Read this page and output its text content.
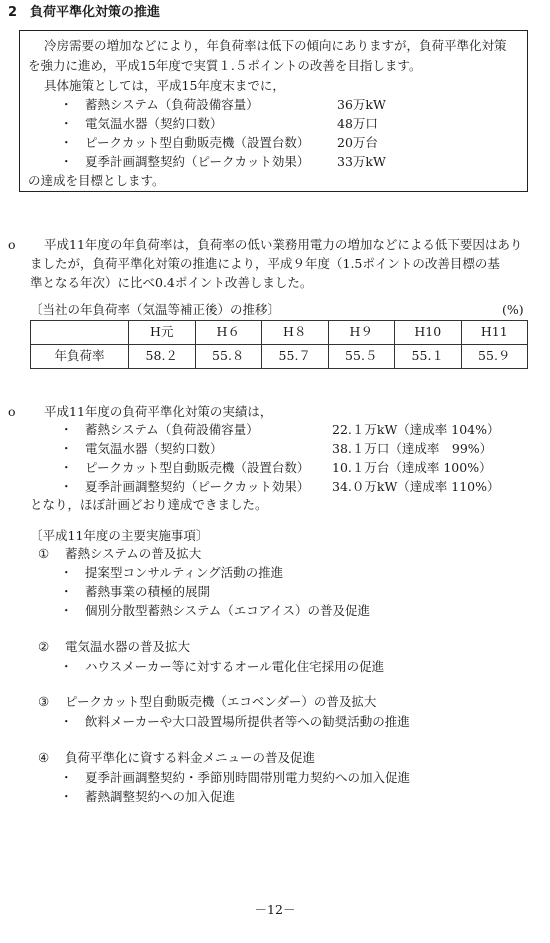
2　負荷平準化対策の推進
冷房需要の増加などにより，年負荷率は低下の傾向にありますが，負荷平準化対策
を強力に進め，平成15年度で実質１.５ポイントの改善を目指します。
具体施策としては，平成15年度末までに，
・ 蓄熱システム（負荷設備容量）	36万kW
・ 電気温水器（契約口数）	48万口
・ ピークカット型自動販売機（設置台数） 20万台
・ 夏季計画調整契約（ピークカット効果） 33万kW
の達成を目標とします。
o 平成11年度の年負荷率は，負荷率の低い業務用電力の増加などによる低下要因はあり
ましたが，負荷平準化対策の推進により，平成９年度（1.5ポイントの改善目標の基
準となる年次）に比べ0.4ポイント改善しました。
〔当社の年負荷率（気温等補正後）の推移〕	(%)
	H元	H６	H８	H９	H10	H11
年負荷率	58.２	55.８	55.７	55.５	55.１	55.９
o 平成11年度の負荷平準化対策の実績は，
・ 蓄熱システム（負荷設備容量）	22.１万kW（達成率 104%）
・ 電気温水器（契約口数）	38.１万口（達成率　99%）
・ ピークカット型自動販売機（設置台数） 10.１万台（達成率 100%）
・ 夏季計画調整契約（ピークカット効果） 34.０万kW（達成率 110%）
となり，ほぼ計画どおり達成できました。
〔平成11年度の主要実施事項〕
① 蓄熱システムの普及拡大
・ 提案型コンサルティング活動の推進
・ 蓄熱事業の積極的展開
・ 個別分散型蓄熱システム（エコアイス）の普及促進
② 電気温水器の普及拡大
・ ハウスメーカー等に対するオール電化住宅採用の促進
③ ピークカット型自動販売機（エコベンダー）の普及拡大
・ 飲料メーカーや大口設置場所提供者等への勧奨活動の推進
④ 負荷平準化に資する料金メニューの普及促進
・ 夏季計画調整契約・季節別時間帯別電力契約への加入促進
・ 蓄熱調整契約への加入促進
－12－
